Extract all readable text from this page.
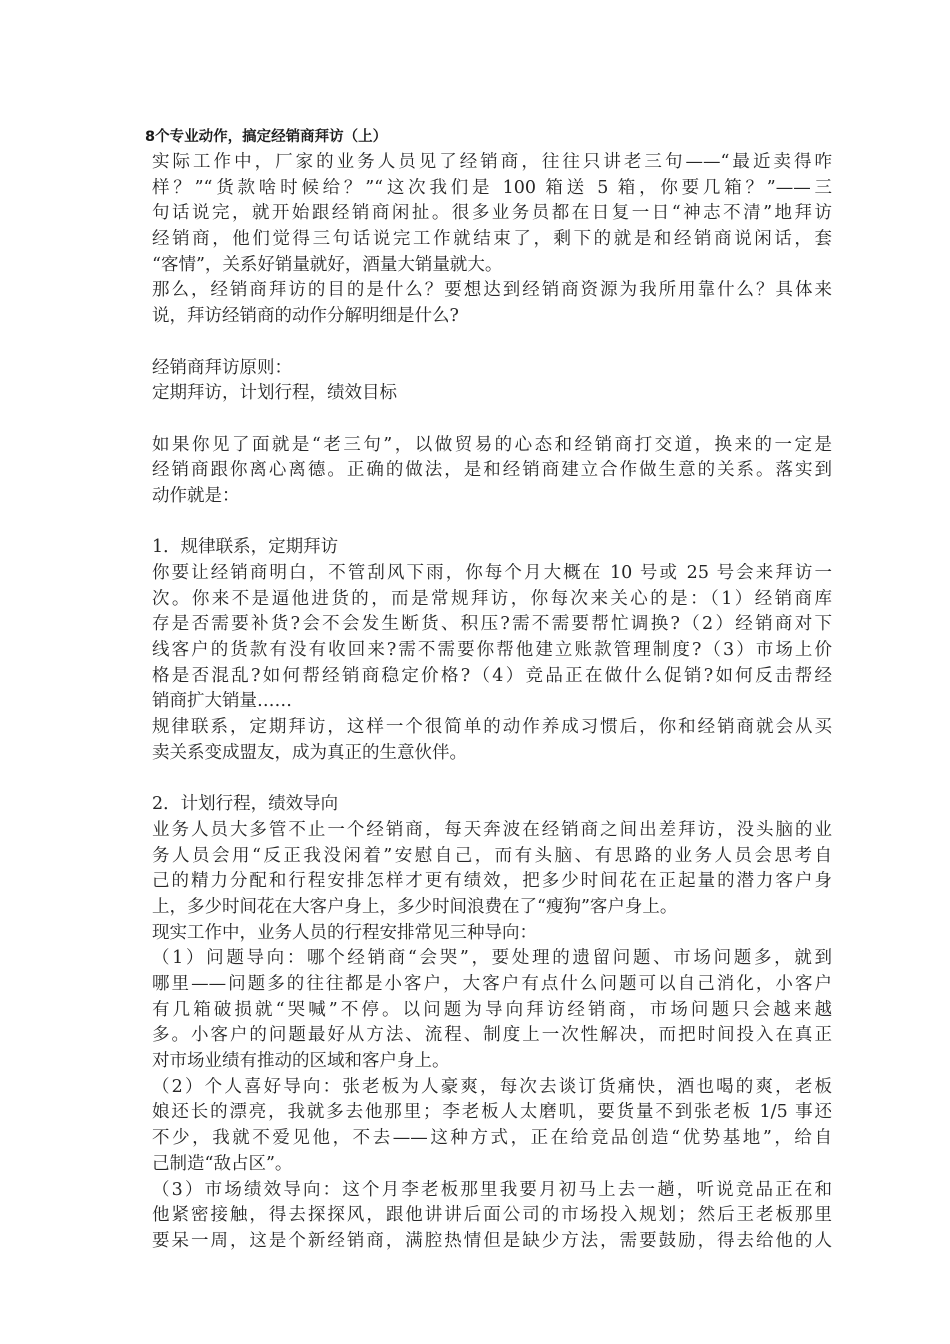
8个专业动作，搞定经销商拜访（上）
实际工作中，厂家的业务人员见了经销商，往往只讲老三句——“最近卖得咋
样？”“货款啥时候给？”“这次我们是 100 箱送 5 箱，你要几箱？”——三
句话说完，就开始跟经销商闲扯。很多业务员都在日复一日“神志不清”地拜访
经销商，他们觉得三句话说完工作就结束了，剩下的就是和经销商说闲话，套
“客情”，关系好销量就好，酒量大销量就大。
那么，经销商拜访的目的是什么？要想达到经销商资源为我所用靠什么？具体来
说，拜访经销商的动作分解明细是什么?
经销商拜访原则：
定期拜访，计划行程，绩效目标
如果你见了面就是“老三句”，以做贸易的心态和经销商打交道，换来的一定是
经销商跟你离心离德。正确的做法，是和经销商建立合作做生意的关系。落实到
动作就是：
1．规律联系，定期拜访
你要让经销商明白，不管刮风下雨，你每个月大概在 10 号或 25 号会来拜访一
次。你来不是逼他进货的，而是常规拜访，你每次来关心的是：（1）经销商库
存是否需要补货?会不会发生断货、积压?需不需要帮忙调换?（2）经销商对下
线客户的货款有没有收回来?需不需要你帮他建立账款管理制度?（3）市场上价
格是否混乱?如何帮经销商稳定价格?（4）竞品正在做什么促销?如何反击帮经
销商扩大销量……
规律联系，定期拜访，这样一个很简单的动作养成习惯后，你和经销商就会从买
卖关系变成盟友，成为真正的生意伙伴。
2．计划行程，绩效导向
业务人员大多管不止一个经销商，每天奔波在经销商之间出差拜访，没头脑的业
务人员会用“反正我没闲着”安慰自己，而有头脑、有思路的业务人员会思考自
己的精力分配和行程安排怎样才更有绩效，把多少时间花在正起量的潜力客户身
上，多少时间花在大客户身上，多少时间浪费在了“瘦狗”客户身上。
现实工作中，业务人员的行程安排常见三种导向：
（1）问题导向：哪个经销商“会哭”，要处理的遗留问题、市场问题多，就到
哪里——问题多的往往都是小客户，大客户有点什么问题可以自己消化，小客户
有几箱破损就“哭喊”不停。以问题为导向拜访经销商，市场问题只会越来越
多。小客户的问题最好从方法、流程、制度上一次性解决，而把时间投入在真正
对市场业绩有推动的区域和客户身上。
（2）个人喜好导向：张老板为人豪爽，每次去谈订货痛快，酒也喝的爽，老板
娘还长的漂亮，我就多去他那里；李老板人太磨叽，要货量不到张老板 1/5 事还
不少，我就不爱见他，不去——这种方式，正在给竞品创造“优势基地”，给自
己制造“敌占区”。
（3）市场绩效导向：这个月李老板那里我要月初马上去一趟，听说竞品正在和
他紧密接触，得去探探风，跟他讲讲后面公司的市场投入规划；然后王老板那里
要呆一周，这是个新经销商，满腔热情但是缺少方法，需要鼓励，得去给他的人
